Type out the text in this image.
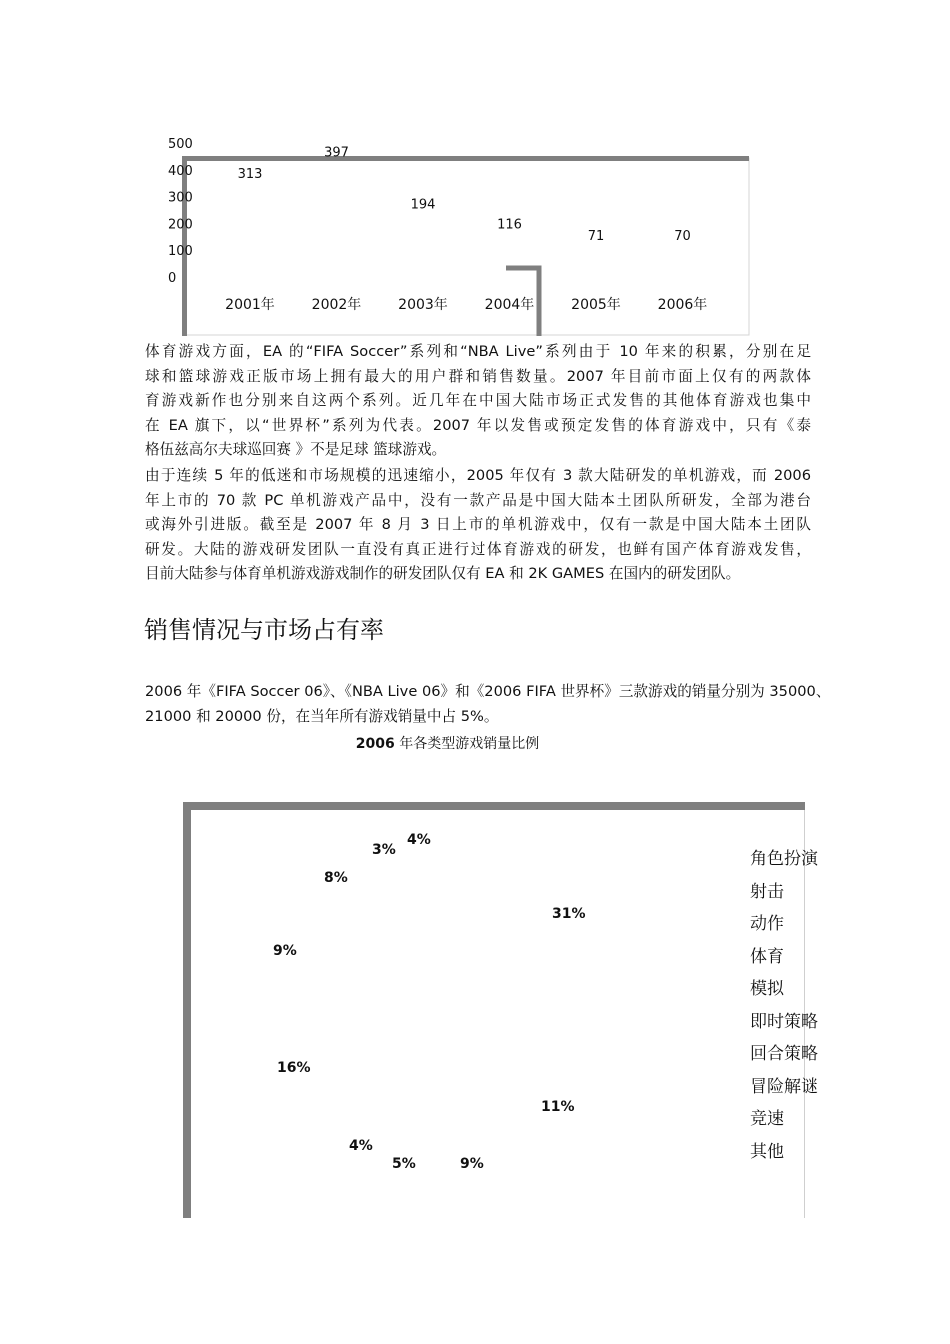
500
400
300
200
100
0
2001年	2002年	2003年	2004年	2005年	2006年
313
397
194
116
71	70
体育游戏方面，EA 的“FIFA Soccer”系列和“NBA Live”系列由于 10 年来的积累，分别在足
球和篮球游戏正版市场上拥有最大的用户群和销售数量。2007 年目前市面上仅有的两款体
育游戏新作也分别来自这两个系列。近几年在中国大陆市场正式发售的其他体育游戏也集中
在 EA 旗下，以“世界杯”系列为代表。2007 年以发售或预定发售的体育游戏中，只有《泰
格伍兹高尔夫球巡回赛 》不是足球 篮球游戏。
由于连续 5 年的低迷和市场规模的迅速缩小，2005 年仅有 3 款大陆研发的单机游戏，而 2006
年上市的 70 款 PC 单机游戏产品中，没有一款产品是中国大陆本土团队所研发，全部为港台
或海外引进版。截至是 2007 年 8 月 3 日上市的单机游戏中，仅有一款是中国大陆本土团队
研发。大陆的游戏研发团队一直没有真正进行过体育游戏的研发，也鲜有国产体育游戏发售，
目前大陆参与体育单机游戏游戏制作的研发团队仅有 EA 和 2K GAMES 在国内的研发团队。
销售情况与市场占有率
2006 年《FIFA Soccer 06》、《NBA Live 06》和《2006 FIFA 世界杯》三款游戏的销量分别为 35000、
21000 和 20000 份，在当年所有游戏销量中占 5%。
2006 年各类型游戏销量比例
31%
11%
9%
5%
4%
16%
9%
8%
3%
4%
角色扮演
射击
动作
体育
模拟
即时策略
回合策略
冒险解谜
竞速
其他
